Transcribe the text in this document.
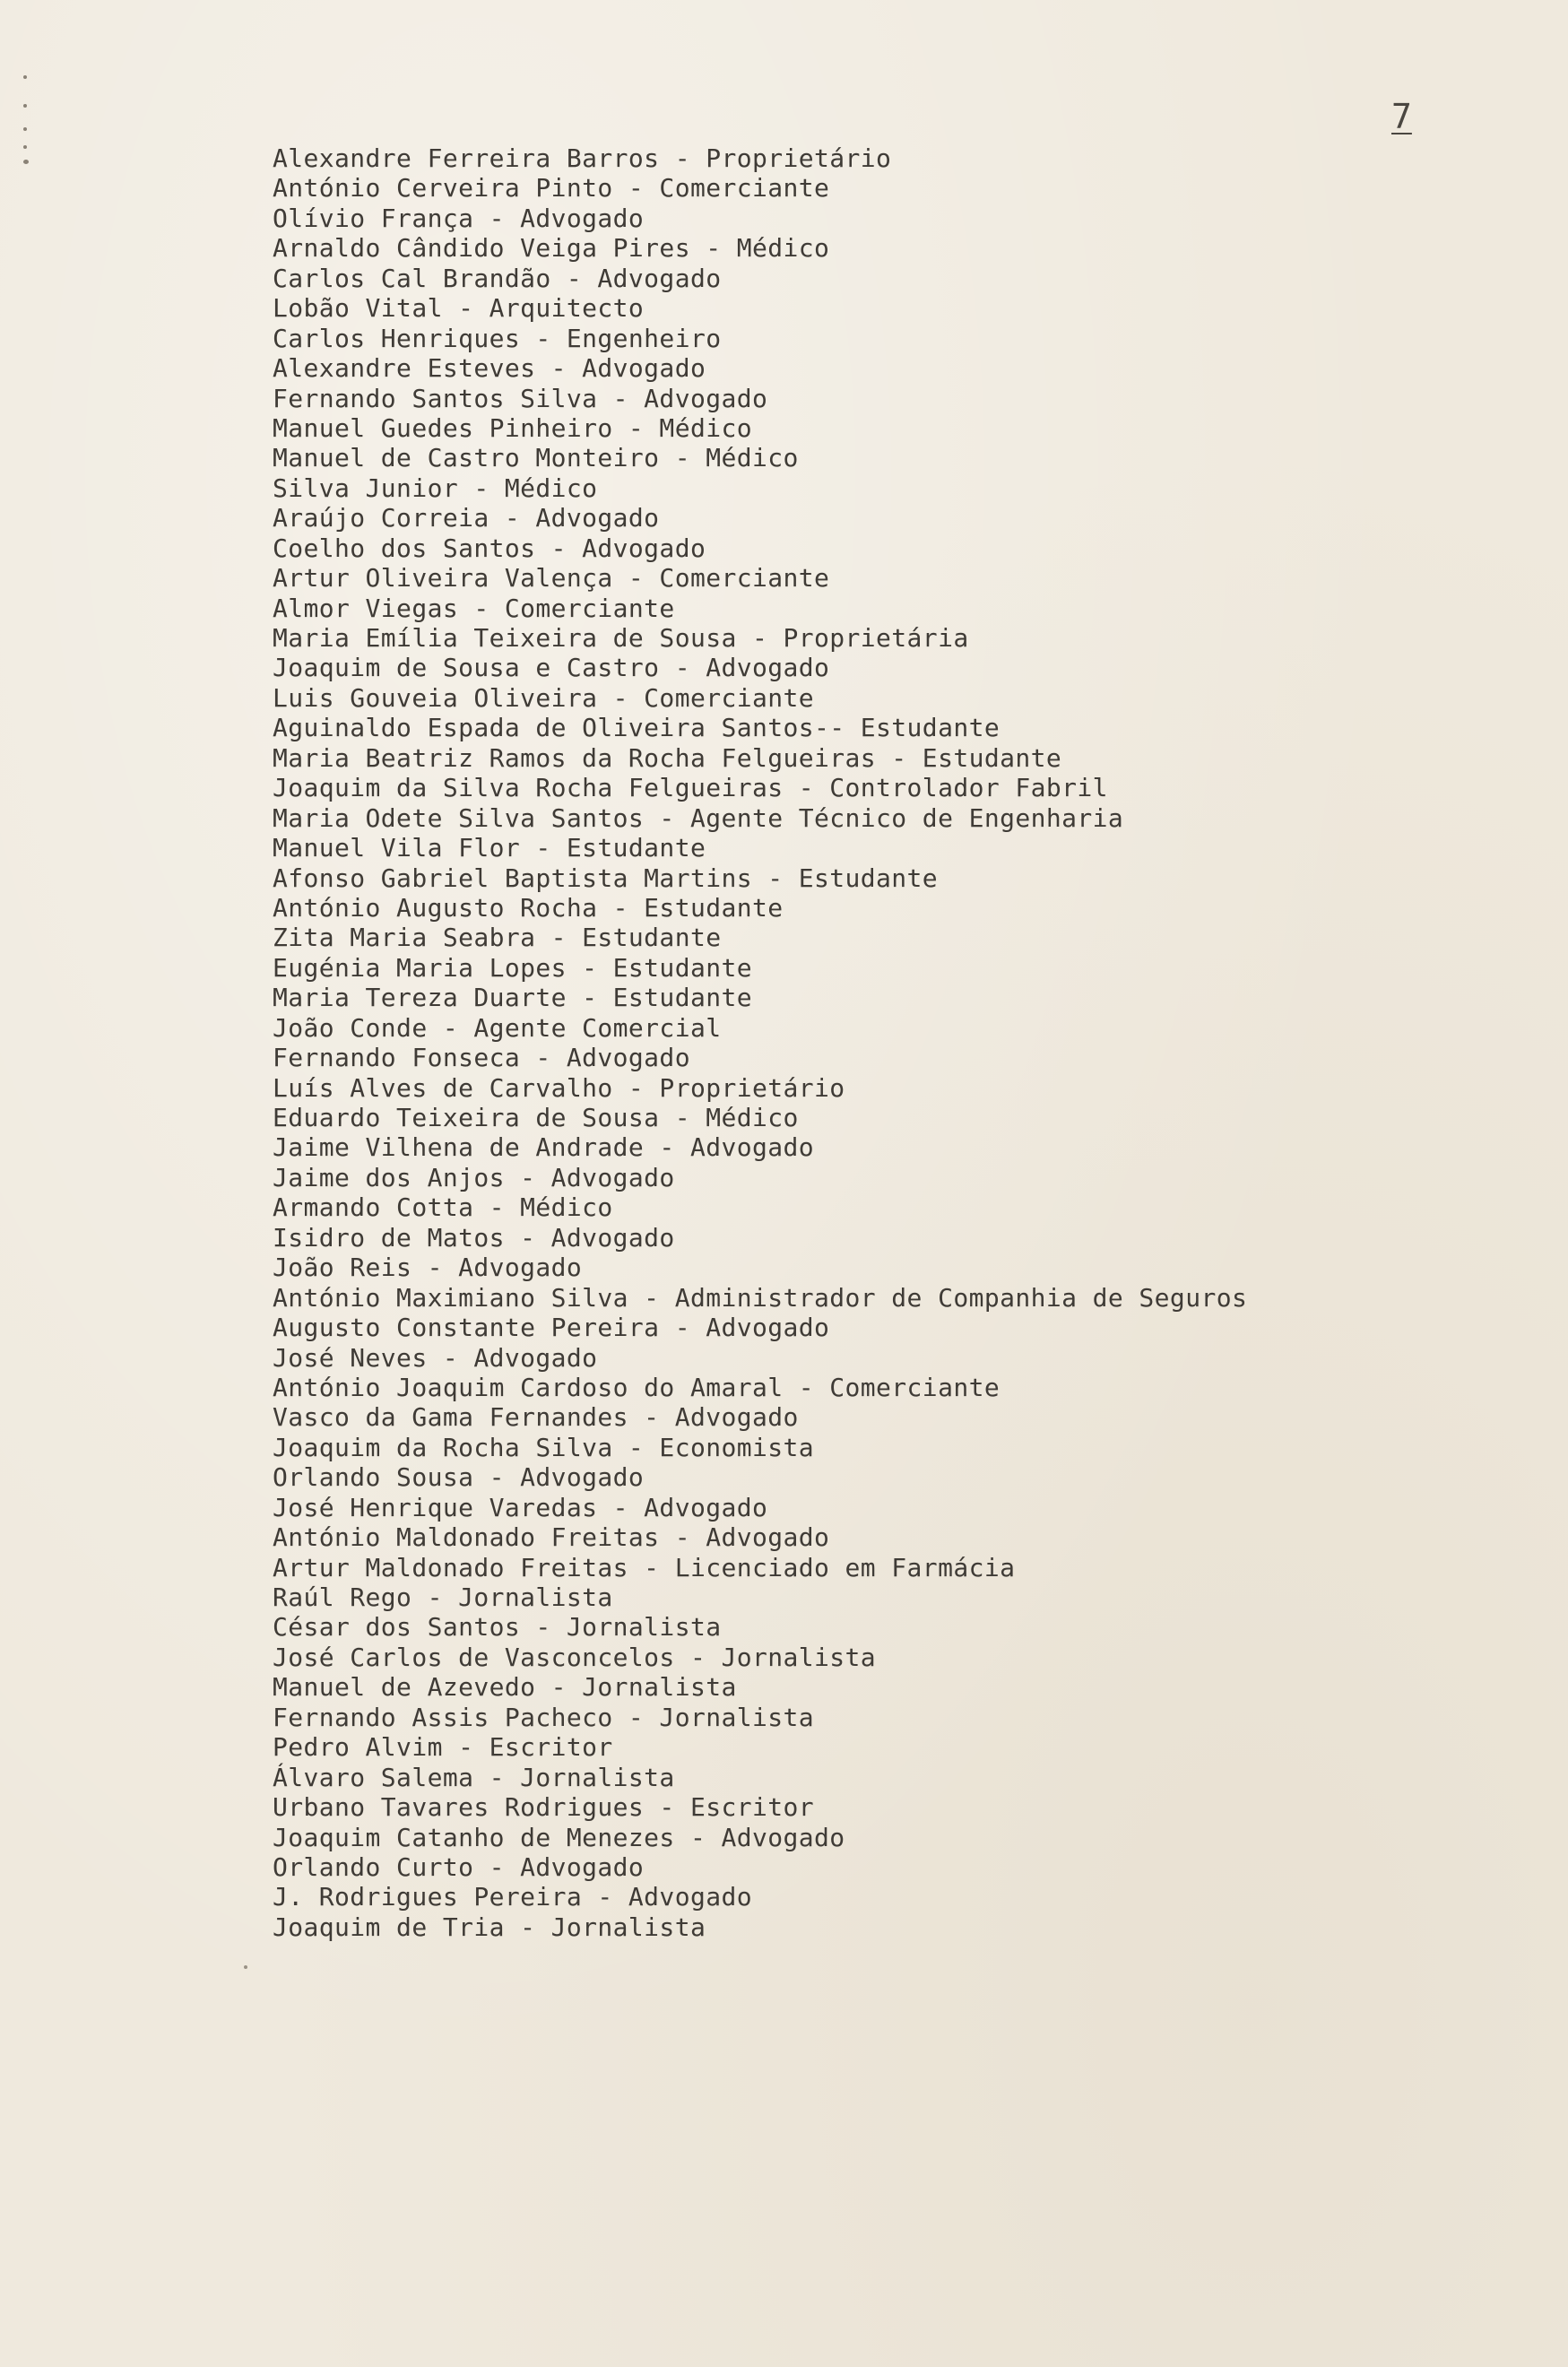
7
Alexandre Ferreira Barros - Proprietário
António Cerveira Pinto - Comerciante
Olívio França - Advogado
Arnaldo Cândido Veiga Pires - Médico
Carlos Cal Brandão - Advogado
Lobão Vital - Arquitecto
Carlos Henriques - Engenheiro
Alexandre Esteves - Advogado
Fernando Santos Silva - Advogado
Manuel Guedes Pinheiro - Médico
Manuel de Castro Monteiro - Médico
Silva Junior - Médico
Araújo Correia - Advogado
Coelho dos Santos - Advogado
Artur Oliveira Valença - Comerciante
Almor Viegas - Comerciante
Maria Emília Teixeira de Sousa - Proprietária
Joaquim de Sousa e Castro - Advogado
Luis Gouveia Oliveira - Comerciante
Aguinaldo Espada de Oliveira Santos-- Estudante
Maria Beatriz Ramos da Rocha Felgueiras - Estudante
Joaquim da Silva Rocha Felgueiras - Controlador Fabril
Maria Odete Silva Santos - Agente Técnico de Engenharia
Manuel Vila Flor - Estudante
Afonso Gabriel Baptista Martins - Estudante
António Augusto Rocha - Estudante
Zita Maria Seabra - Estudante
Eugénia Maria Lopes - Estudante
Maria Tereza Duarte - Estudante
João Conde - Agente Comercial
Fernando Fonseca - Advogado
Luís Alves de Carvalho - Proprietário
Eduardo Teixeira de Sousa - Médico
Jaime Vilhena de Andrade - Advogado
Jaime dos Anjos - Advogado
Armando Cotta - Médico
Isidro de Matos - Advogado
João Reis - Advogado
António Maximiano Silva - Administrador de Companhia de Seguros
Augusto Constante Pereira - Advogado
José Neves - Advogado
António Joaquim Cardoso do Amaral - Comerciante
Vasco da Gama Fernandes - Advogado
Joaquim da Rocha Silva - Economista
Orlando Sousa - Advogado
José Henrique Varedas - Advogado
António Maldonado Freitas - Advogado
Artur Maldonado Freitas - Licenciado em Farmácia
Raúl Rego - Jornalista
César dos Santos - Jornalista
José Carlos de Vasconcelos - Jornalista
Manuel de Azevedo - Jornalista
Fernando Assis Pacheco - Jornalista
Pedro Alvim - Escritor
Álvaro Salema - Jornalista
Urbano Tavares Rodrigues - Escritor
Joaquim Catanho de Menezes - Advogado
Orlando Curto - Advogado
J. Rodrigues Pereira - Advogado
Joaquim de Tria - Jornalista
